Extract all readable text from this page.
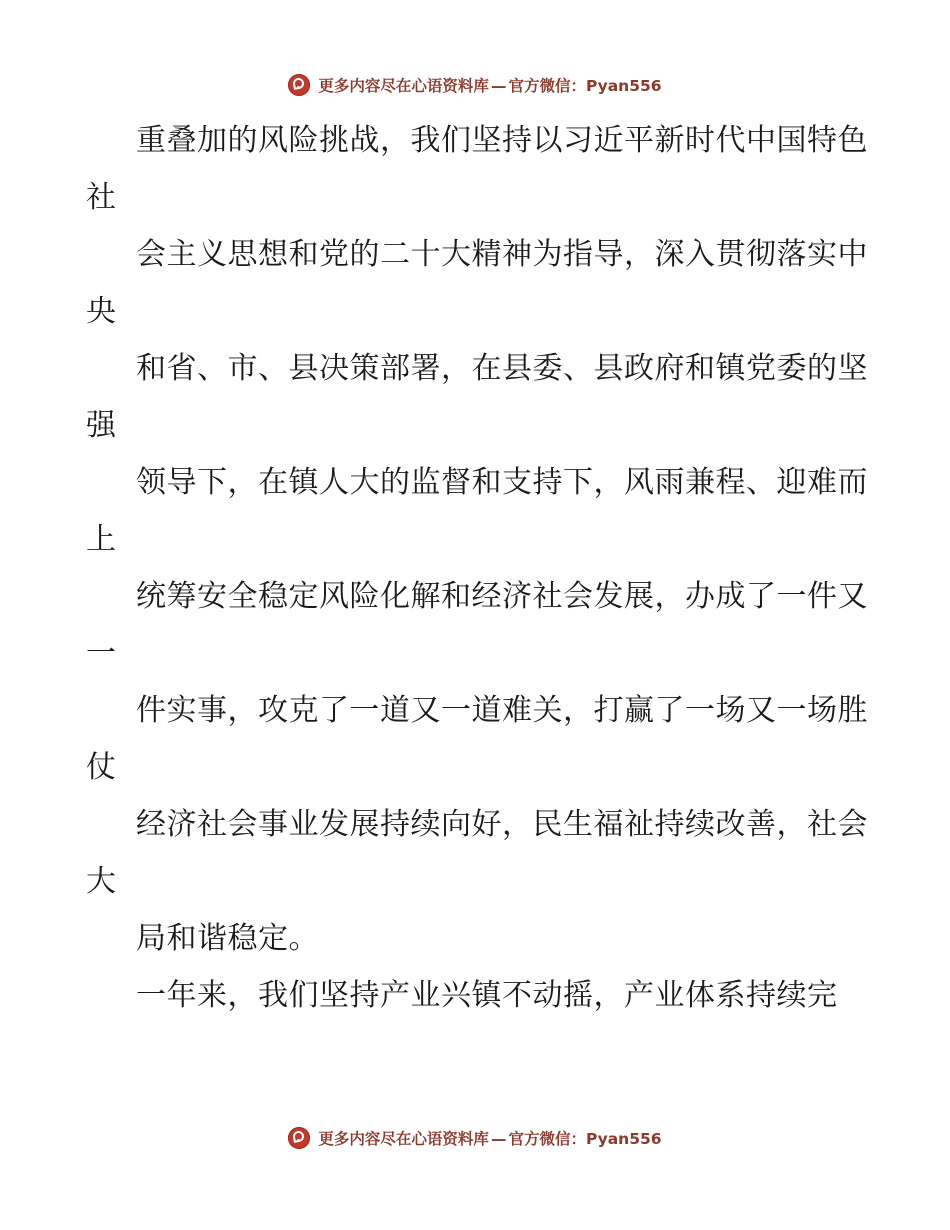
更多内容尽在心语资料库 — 官方微信：Pyan556

重叠加的风险挑战，我们坚持以习近平新时代中国特色社

会主义思想和党的二十大精神为指导，深入贯彻落实中央

和省、市、县决策部署，在县委、县政府和镇党委的坚强

领导下，在镇人大的监督和支持下，风雨兼程、迎难而上

统筹安全稳定风险化解和经济社会发展，办成了一件又一

件实事，攻克了一道又一道难关，打赢了一场又一场胜仗

经济社会事业发展持续向好，民生福祉持续改善，社会大

局和谐稳定。

一年来，我们坚持产业兴镇不动摇，产业体系持续完

更多内容尽在心语资料库 — 官方微信：Pyan556
